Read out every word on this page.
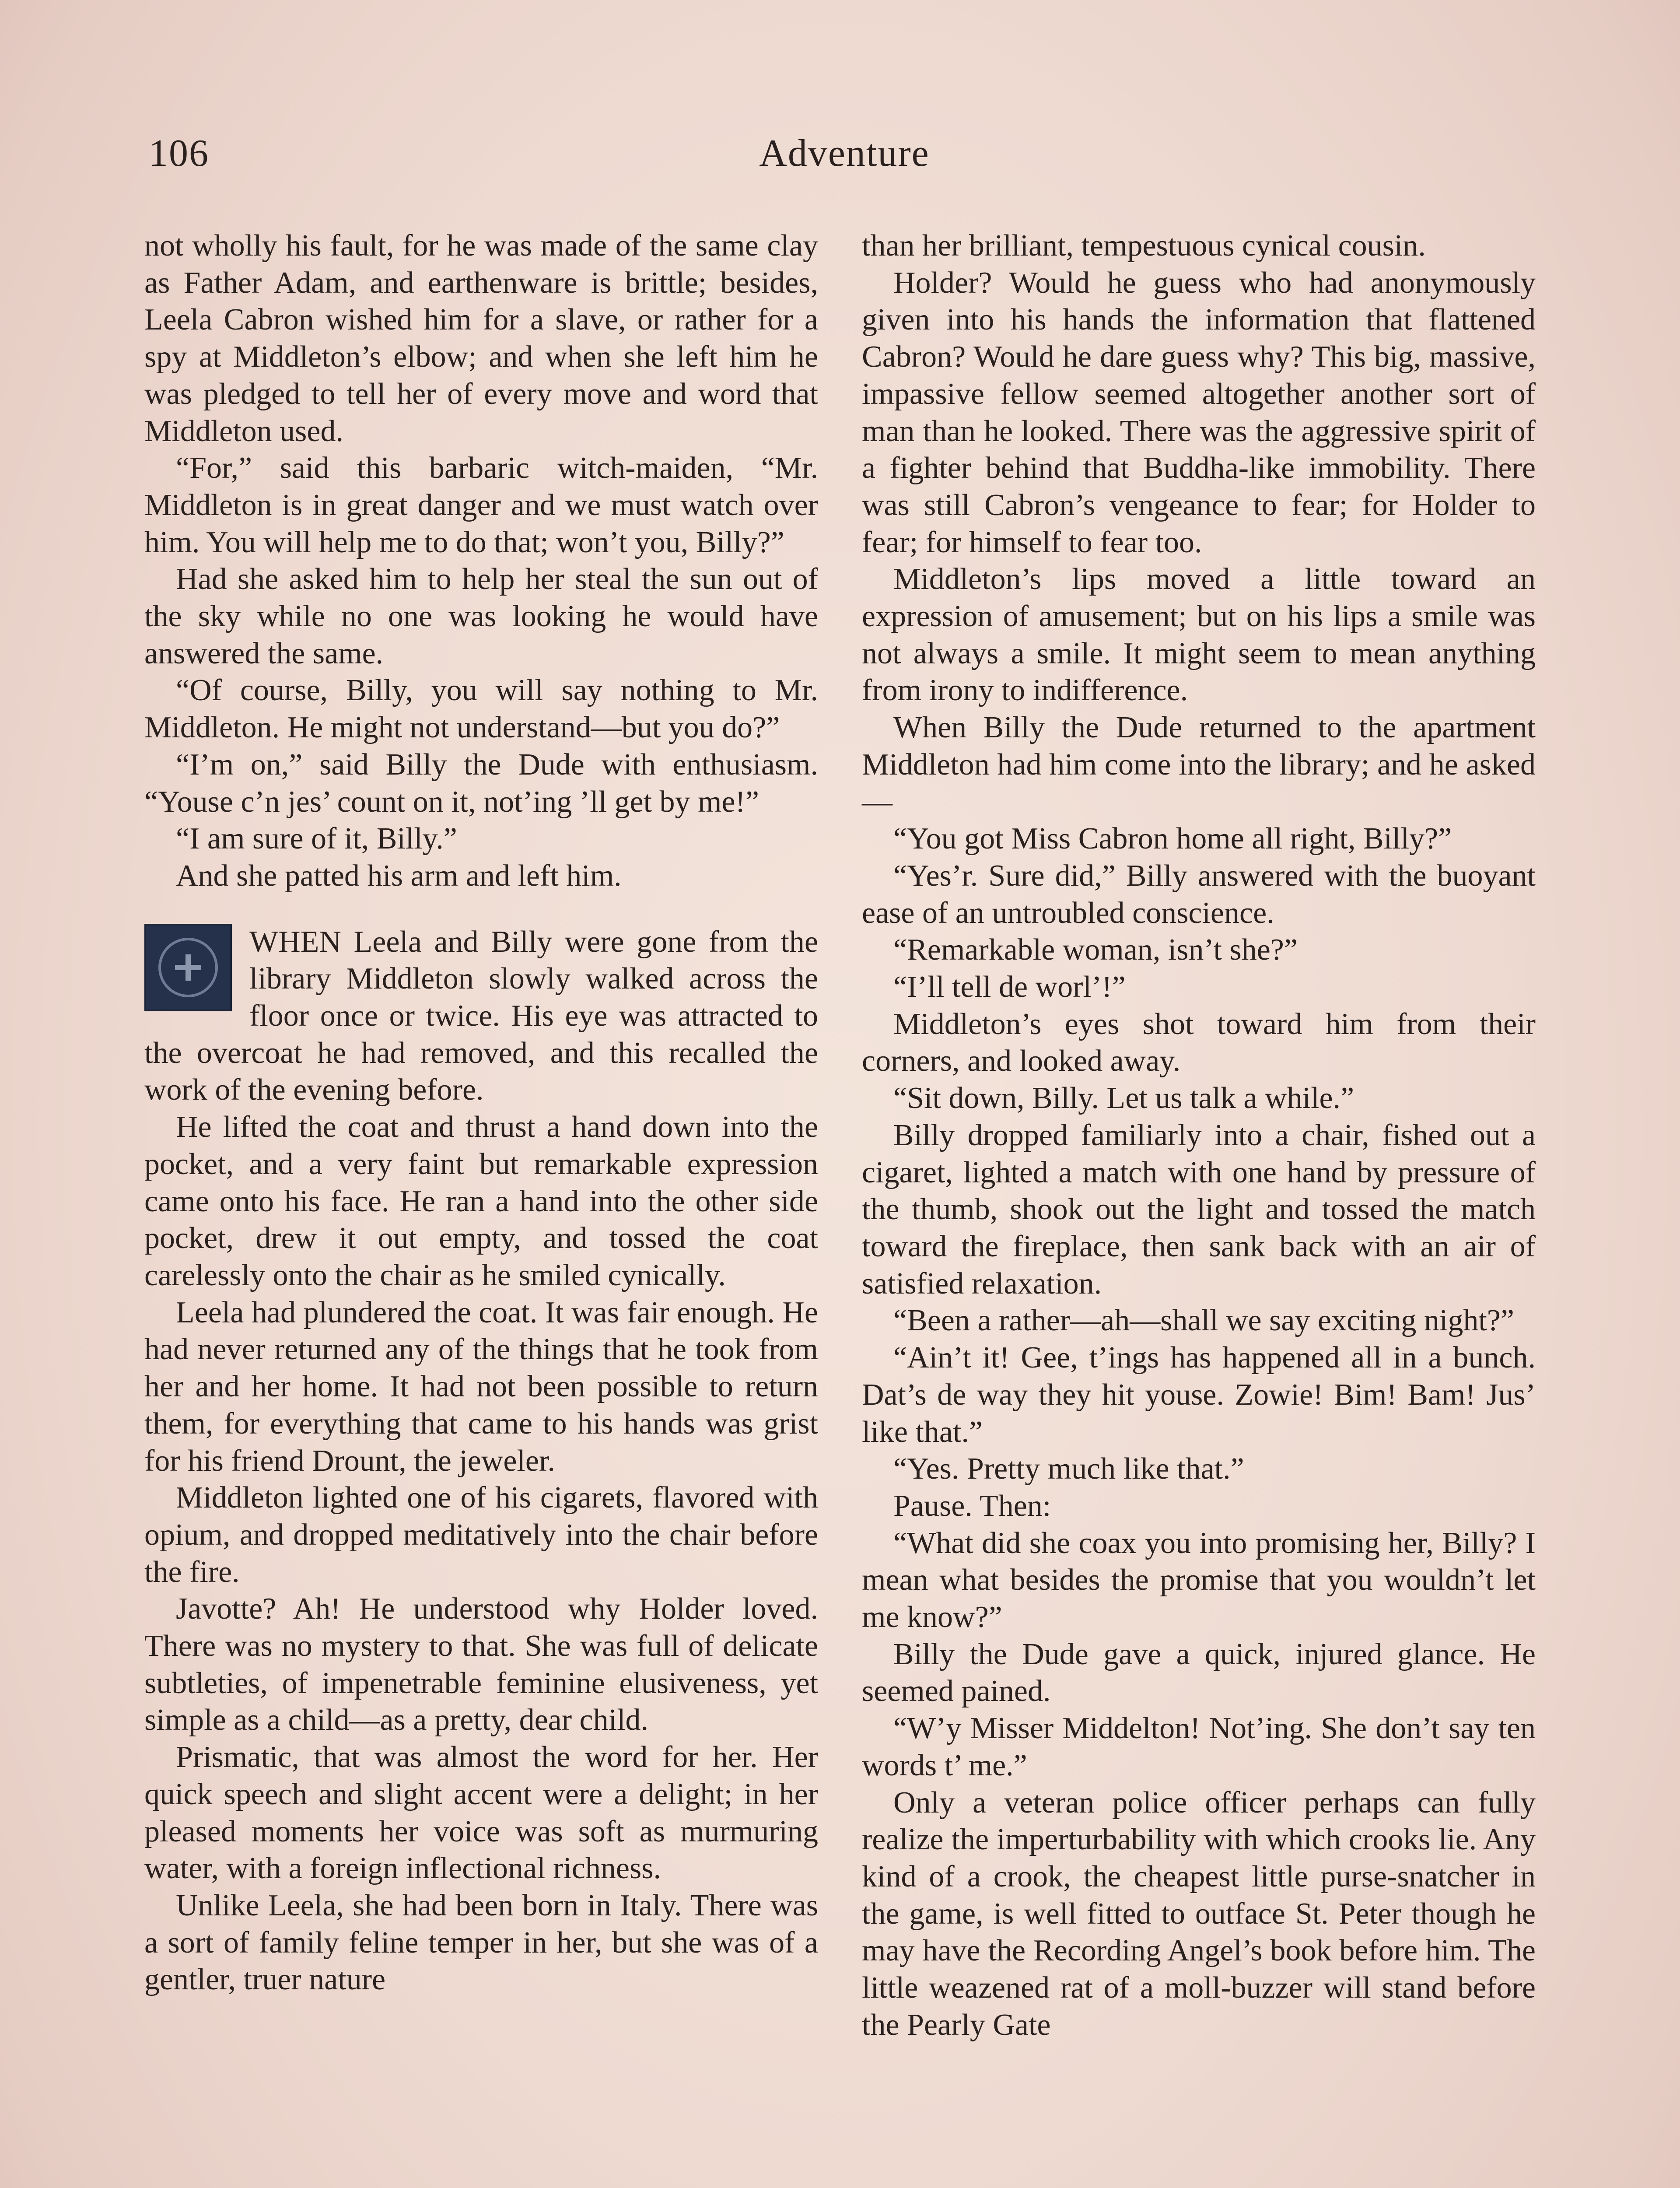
106	Adventure

not wholly his fault, for he was made of the same clay as Father Adam, and earthenware is brittle; besides, Leela Cabron wished him for a slave, or rather for a spy at Middleton’s elbow; and when she left him he was pledged to tell her of every move and word that Middleton used.

“For,” said this barbaric witch-maiden, “Mr. Middleton is in great danger and we must watch over him. You will help me to do that; won’t you, Billy?”

Had she asked him to help her steal the sun out of the sky while no one was looking he would have answered the same.

“Of course, Billy, you will say nothing to Mr. Middleton. He might not understand—but you do?”

“I’m on,” said Billy the Dude with enthusiasm. “Youse c’n jes’ count on it, not’ing ’ll get by me!”

“I am sure of it, Billy.”

And she patted his arm and left him.

WHEN Leela and Billy were gone from the library Middleton slowly walked across the floor once or twice. His eye was attracted to the overcoat he had removed, and this recalled the work of the evening before.

He lifted the coat and thrust a hand down into the pocket, and a very faint but remarkable expression came onto his face. He ran a hand into the other side pocket, drew it out empty, and tossed the coat carelessly onto the chair as he smiled cynically.

Leela had plundered the coat. It was fair enough. He had never returned any of the things that he took from her and her home. It had not been possible to return them, for everything that came to his hands was grist for his friend Drount, the jeweler.

Middleton lighted one of his cigarets, flavored with opium, and dropped meditatively into the chair before the fire.

Javotte? Ah! He understood why Holder loved. There was no mystery to that. She was full of delicate subtleties, of impenetrable feminine elusiveness, yet simple as a child—as a pretty, dear child.

Prismatic, that was almost the word for her. Her quick speech and slight accent were a delight; in her pleased moments her voice was soft as murmuring water, with a foreign inflectional richness.

Unlike Leela, she had been born in Italy. There was a sort of family feline temper in her, but she was of a gentler, truer nature

than her brilliant, tempestuous cynical cousin.

Holder? Would he guess who had anonymously given into his hands the information that flattened Cabron? Would he dare guess why? This big, massive, impassive fellow seemed altogether another sort of man than he looked. There was the aggressive spirit of a fighter behind that Buddha-like immobility. There was still Cabron’s vengeance to fear; for Holder to fear; for himself to fear too.

Middleton’s lips moved a little toward an expression of amusement; but on his lips a smile was not always a smile. It might seem to mean anything from irony to indifference.

When Billy the Dude returned to the apartment Middleton had him come into the library; and he asked—

“You got Miss Cabron home all right, Billy?”

“Yes’r. Sure did,” Billy answered with the buoyant ease of an untroubled conscience.

“Remarkable woman, isn’t she?”

“I’ll tell de worl’!”

Middleton’s eyes shot toward him from their corners, and looked away.

“Sit down, Billy. Let us talk a while.”

Billy dropped familiarly into a chair, fished out a cigaret, lighted a match with one hand by pressure of the thumb, shook out the light and tossed the match toward the fireplace, then sank back with an air of satisfied relaxation.

“Been a rather—ah—shall we say exciting night?”

“Ain’t it! Gee, t’ings has happened all in a bunch. Dat’s de way they hit youse. Zowie! Bim! Bam! Jus’ like that.”

“Yes. Pretty much like that.”

Pause. Then:

“What did she coax you into promising her, Billy? I mean what besides the promise that you wouldn’t let me know?”

Billy the Dude gave a quick, injured glance. He seemed pained.

“W’y Misser Middelton! Not’ing. She don’t say ten words t’ me.”

Only a veteran police officer perhaps can fully realize the imperturbability with which crooks lie. Any kind of a crook, the cheapest little purse-snatcher in the game, is well fitted to outface St. Peter though he may have the Recording Angel’s book before him. The little weazened rat of a moll-buzzer will stand before the Pearly Gate
